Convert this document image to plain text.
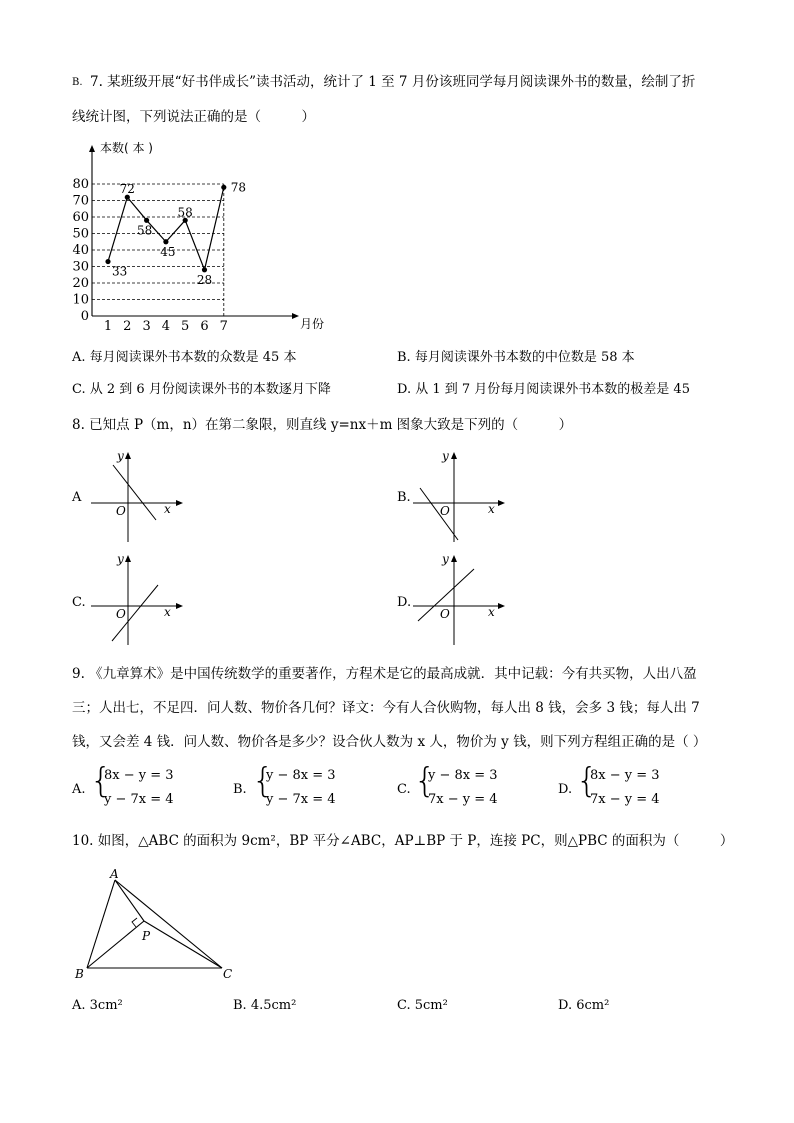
B. 7. 某班级开展“好书伴成长”读书活动，统计了 1 至 7 月份该班同学每月阅读课外书的数量，绘制了折
线统计图，下列说法正确的是（　　　）
0
10
20
30
40
50
60
70
80
1 2 3 4 5 6 7
本数( 本 )
月份
33
72
58
45
58
28
78
A. 每月阅读课外书本数的众数是 45 本	B. 每月阅读课外书本数的中位数是 58 本
C. 从 2 到 6 月份阅读课外书的本数逐月下降	D. 从 1 到 7 月份每月阅读课外书本数的极差是 45
8. 已知点 P（m，n）在第二象限，则直线 y=nx＋m 图象大致是下列的（　　　）
A
O	x
y
B.
O	x
y
C.
O	x
y
D.
O	x
y
9. 《九章算术》是中国传统数学的重要著作，方程术是它的最高成就．其中记载：今有共买物，人出八盈
三；人出七，不足四．问人数、物价各几何？译文：今有人合伙购物，每人出 8 钱，会多 3 钱；每人出 7
钱，又会差 4 钱．问人数、物价各是多少？设合伙人数为 x 人，物价为 y 钱，则下列方程组正确的是（ ）
A. {
8x − y = 3
y − 7x = 4
B. {
y − 8x = 3
y − 7x = 4
C. {
y − 8x = 3
7x − y = 4
D. {
8x − y = 3
7x − y = 4
10. 如图，△ABC 的面积为 9cm²，BP 平分∠ABC，AP⊥BP 于 P，连接 PC，则△PBC 的面积为（　　　）
A
B	C
P
A. 3cm²	B. 4.5cm²	C. 5cm²	D. 6cm²
